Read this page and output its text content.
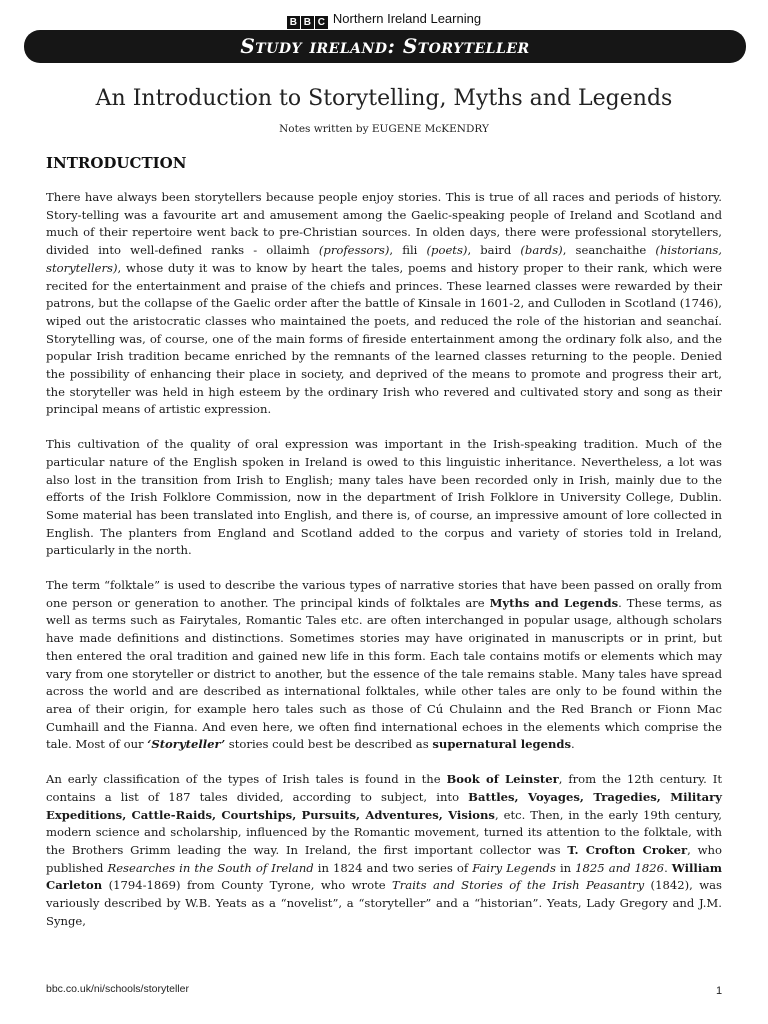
B B C Northern Ireland Learning
Study ireland: Storyteller
An Introduction to Storytelling, Myths and Legends
Notes written by EUGENE McKENDRY
INTRODUCTION

There have always been storytellers because people enjoy stories. This is true of all races and periods of history. Story-telling was a favourite art and amusement among the Gaelic-speaking people of Ireland and Scotland and much of their repertoire went back to pre-Christian sources. In olden days, there were professional storytellers, divided into well-defined ranks - ollaimh (professors), fili (poets), baird (bards), seanchaithe (historians, storytellers), whose duty it was to know by heart the tales, poems and history proper to their rank, which were recited for the entertainment and praise of the chiefs and princes. These learned classes were rewarded by their patrons, but the collapse of the Gaelic order after the battle of Kinsale in 1601-2, and Culloden in Scotland (1746), wiped out the aristocratic classes who maintained the poets, and reduced the role of the historian and seanchaí. Storytelling was, of course, one of the main forms of fireside entertainment among the ordinary folk also, and the popular Irish tradition became enriched by the remnants of the learned classes returning to the people. Denied the possibility of enhancing their place in society, and deprived of the means to promote and progress their art, the storyteller was held in high esteem by the ordinary Irish who revered and cultivated story and song as their principal means of artistic expression.

This cultivation of the quality of oral expression was important in the Irish-speaking tradition. Much of the particular nature of the English spoken in Ireland is owed to this linguistic inheritance. Nevertheless, a lot was also lost in the transition from Irish to English; many tales have been recorded only in Irish, mainly due to the efforts of the Irish Folklore Commission, now in the department of Irish Folklore in University College, Dublin. Some material has been translated into English, and there is, of course, an impressive amount of lore collected in English. The planters from England and Scotland added to the corpus and variety of stories told in Ireland, particularly in the north.

The term “folktale” is used to describe the various types of narrative stories that have been passed on orally from one person or generation to another. The principal kinds of folktales are Myths and Legends. These terms, as well as terms such as Fairytales, Romantic Tales etc. are often interchanged in popular usage, although scholars have made definitions and distinctions. Sometimes stories may have originated in manuscripts or in print, but then entered the oral tradition and gained new life in this form. Each tale contains motifs or elements which may vary from one storyteller or district to another, but the essence of the tale remains stable. Many tales have spread across the world and are described as international folktales, while other tales are only to be found within the area of their origin, for example hero tales such as those of Cú Chulainn and the Red Branch or Fionn Mac Cumhaill and the Fianna. And even here, we often find international echoes in the elements which comprise the tale. Most of our ‘Storyteller’ stories could best be described as supernatural legends.

An early classification of the types of Irish tales is found in the Book of Leinster, from the 12th century. It contains a list of 187 tales divided, according to subject, into Battles, Voyages, Tragedies, Military Expeditions, Cattle-Raids, Courtships, Pursuits, Adventures, Visions, etc. Then, in the early 19th century, modern science and scholarship, influenced by the Romantic movement, turned its attention to the folktale, with the Brothers Grimm leading the way. In Ireland, the first important collector was T. Crofton Croker, who published Researches in the South of Ireland in 1824 and two series of Fairy Legends in 1825 and 1826. William Carleton (1794-1869) from County Tyrone, who wrote Traits and Stories of the Irish Peasantry (1842), was variously described by W.B. Yeats as a “novelist”, a “storyteller” and a “historian”. Yeats, Lady Gregory and J.M. Synge,

bbc.co.uk/ni/schools/storyteller	1
